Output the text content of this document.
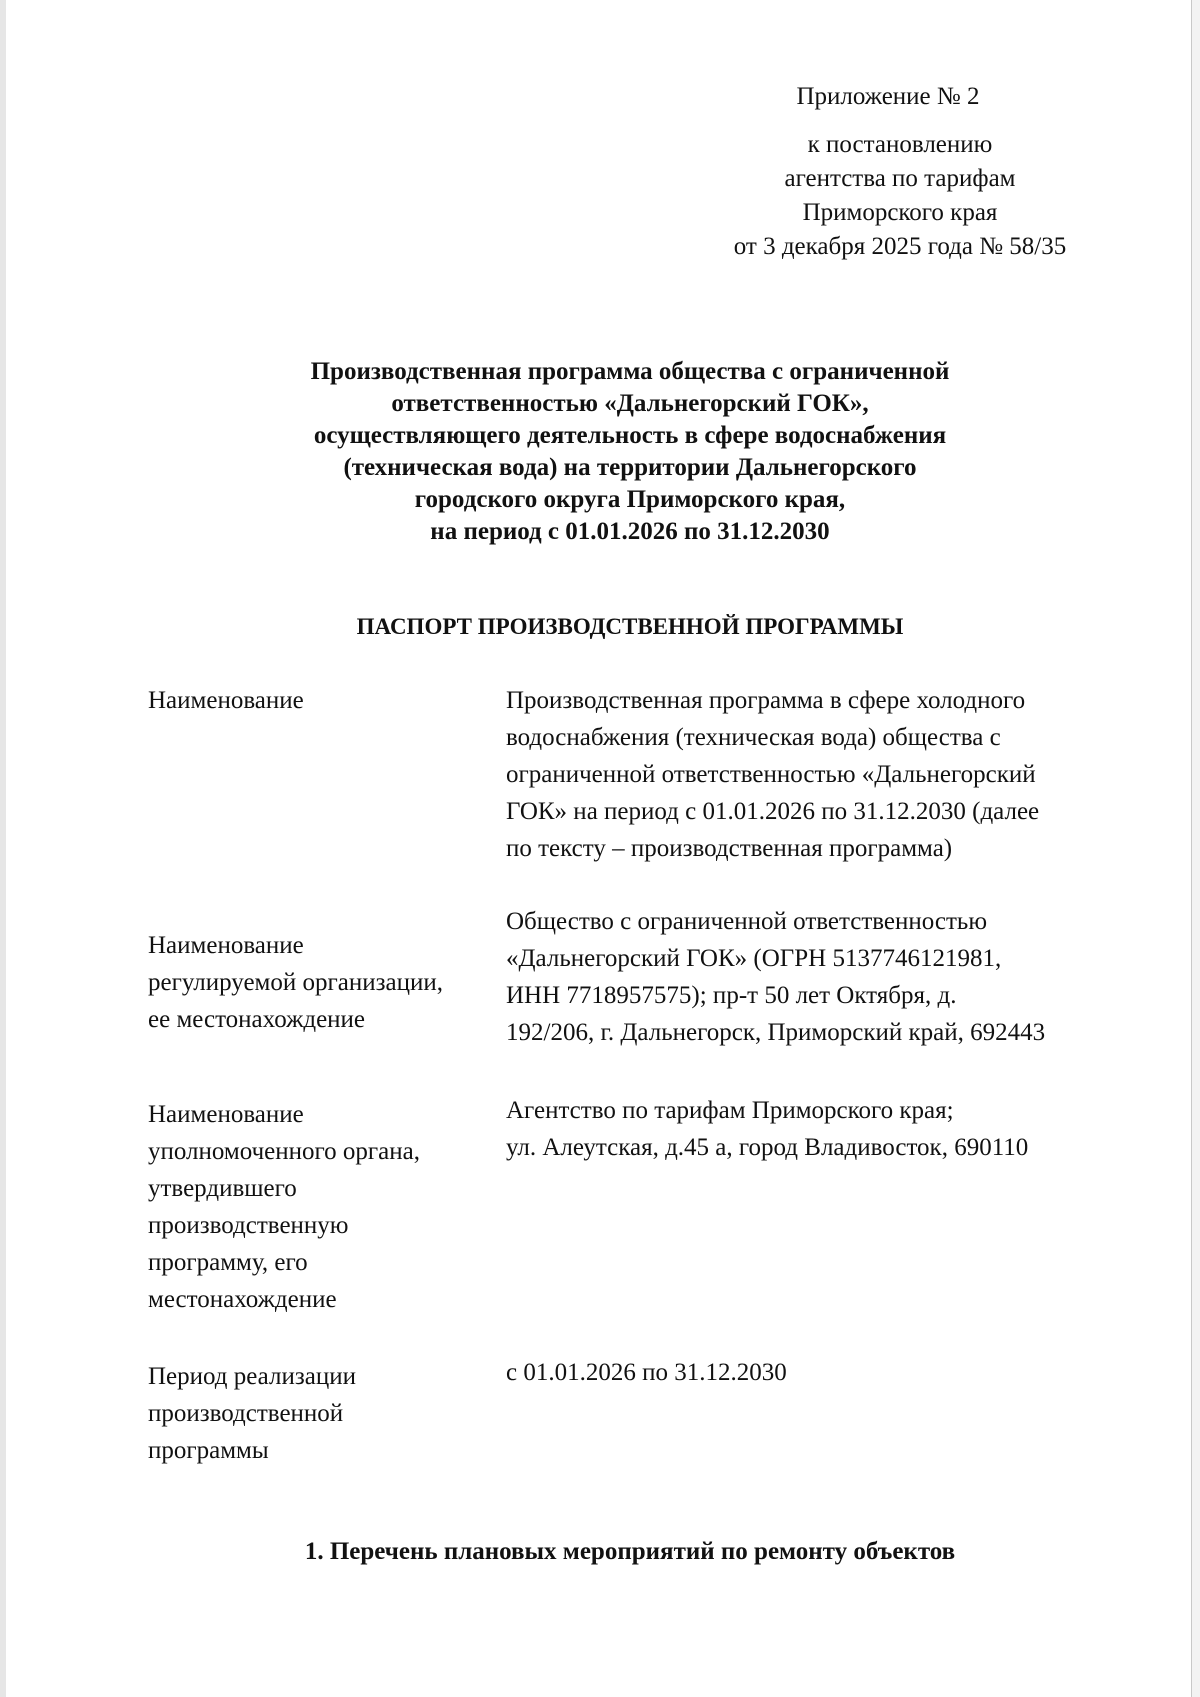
Приложение № 2
к постановлению
агентства по тарифам
Приморского края
от 3 декабря 2025 года № 58/35
Производственная программа общества с ограниченной
ответственностью «Дальнегорский ГОК»,
осуществляющего деятельность в сфере водоснабжения
(техническая вода) на территории Дальнегорского
городского округа Приморского края,
на период с 01.01.2026 по 31.12.2030
ПАСПОРТ ПРОИЗВОДСТВЕННОЙ ПРОГРАММЫ
Наименование	Производственная программа в сфере холодного
водоснабжения (техническая вода) общества с
ограниченной ответственностью «Дальнегорский
ГОК» на период с 01.01.2026 по 31.12.2030 (далее
по тексту – производственная программа)
Наименование
регулируемой организации,
ее местонахождение
Общество с ограниченной ответственностью
«Дальнегорский ГОК» (ОГРН 5137746121981,
ИНН 7718957575); пр-т 50 лет Октября, д.
192/206, г. Дальнегорск, Приморский край, 692443
Наименование
уполномоченного органа,
утвердившего
производственную
программу, его
местонахождение
Агентство по тарифам Приморского края;
ул. Алеутская, д.45 а, город Владивосток, 690110
Период реализации
производственной
программы
с 01.01.2026 по 31.12.2030
1. Перечень плановых мероприятий по ремонту объектов
